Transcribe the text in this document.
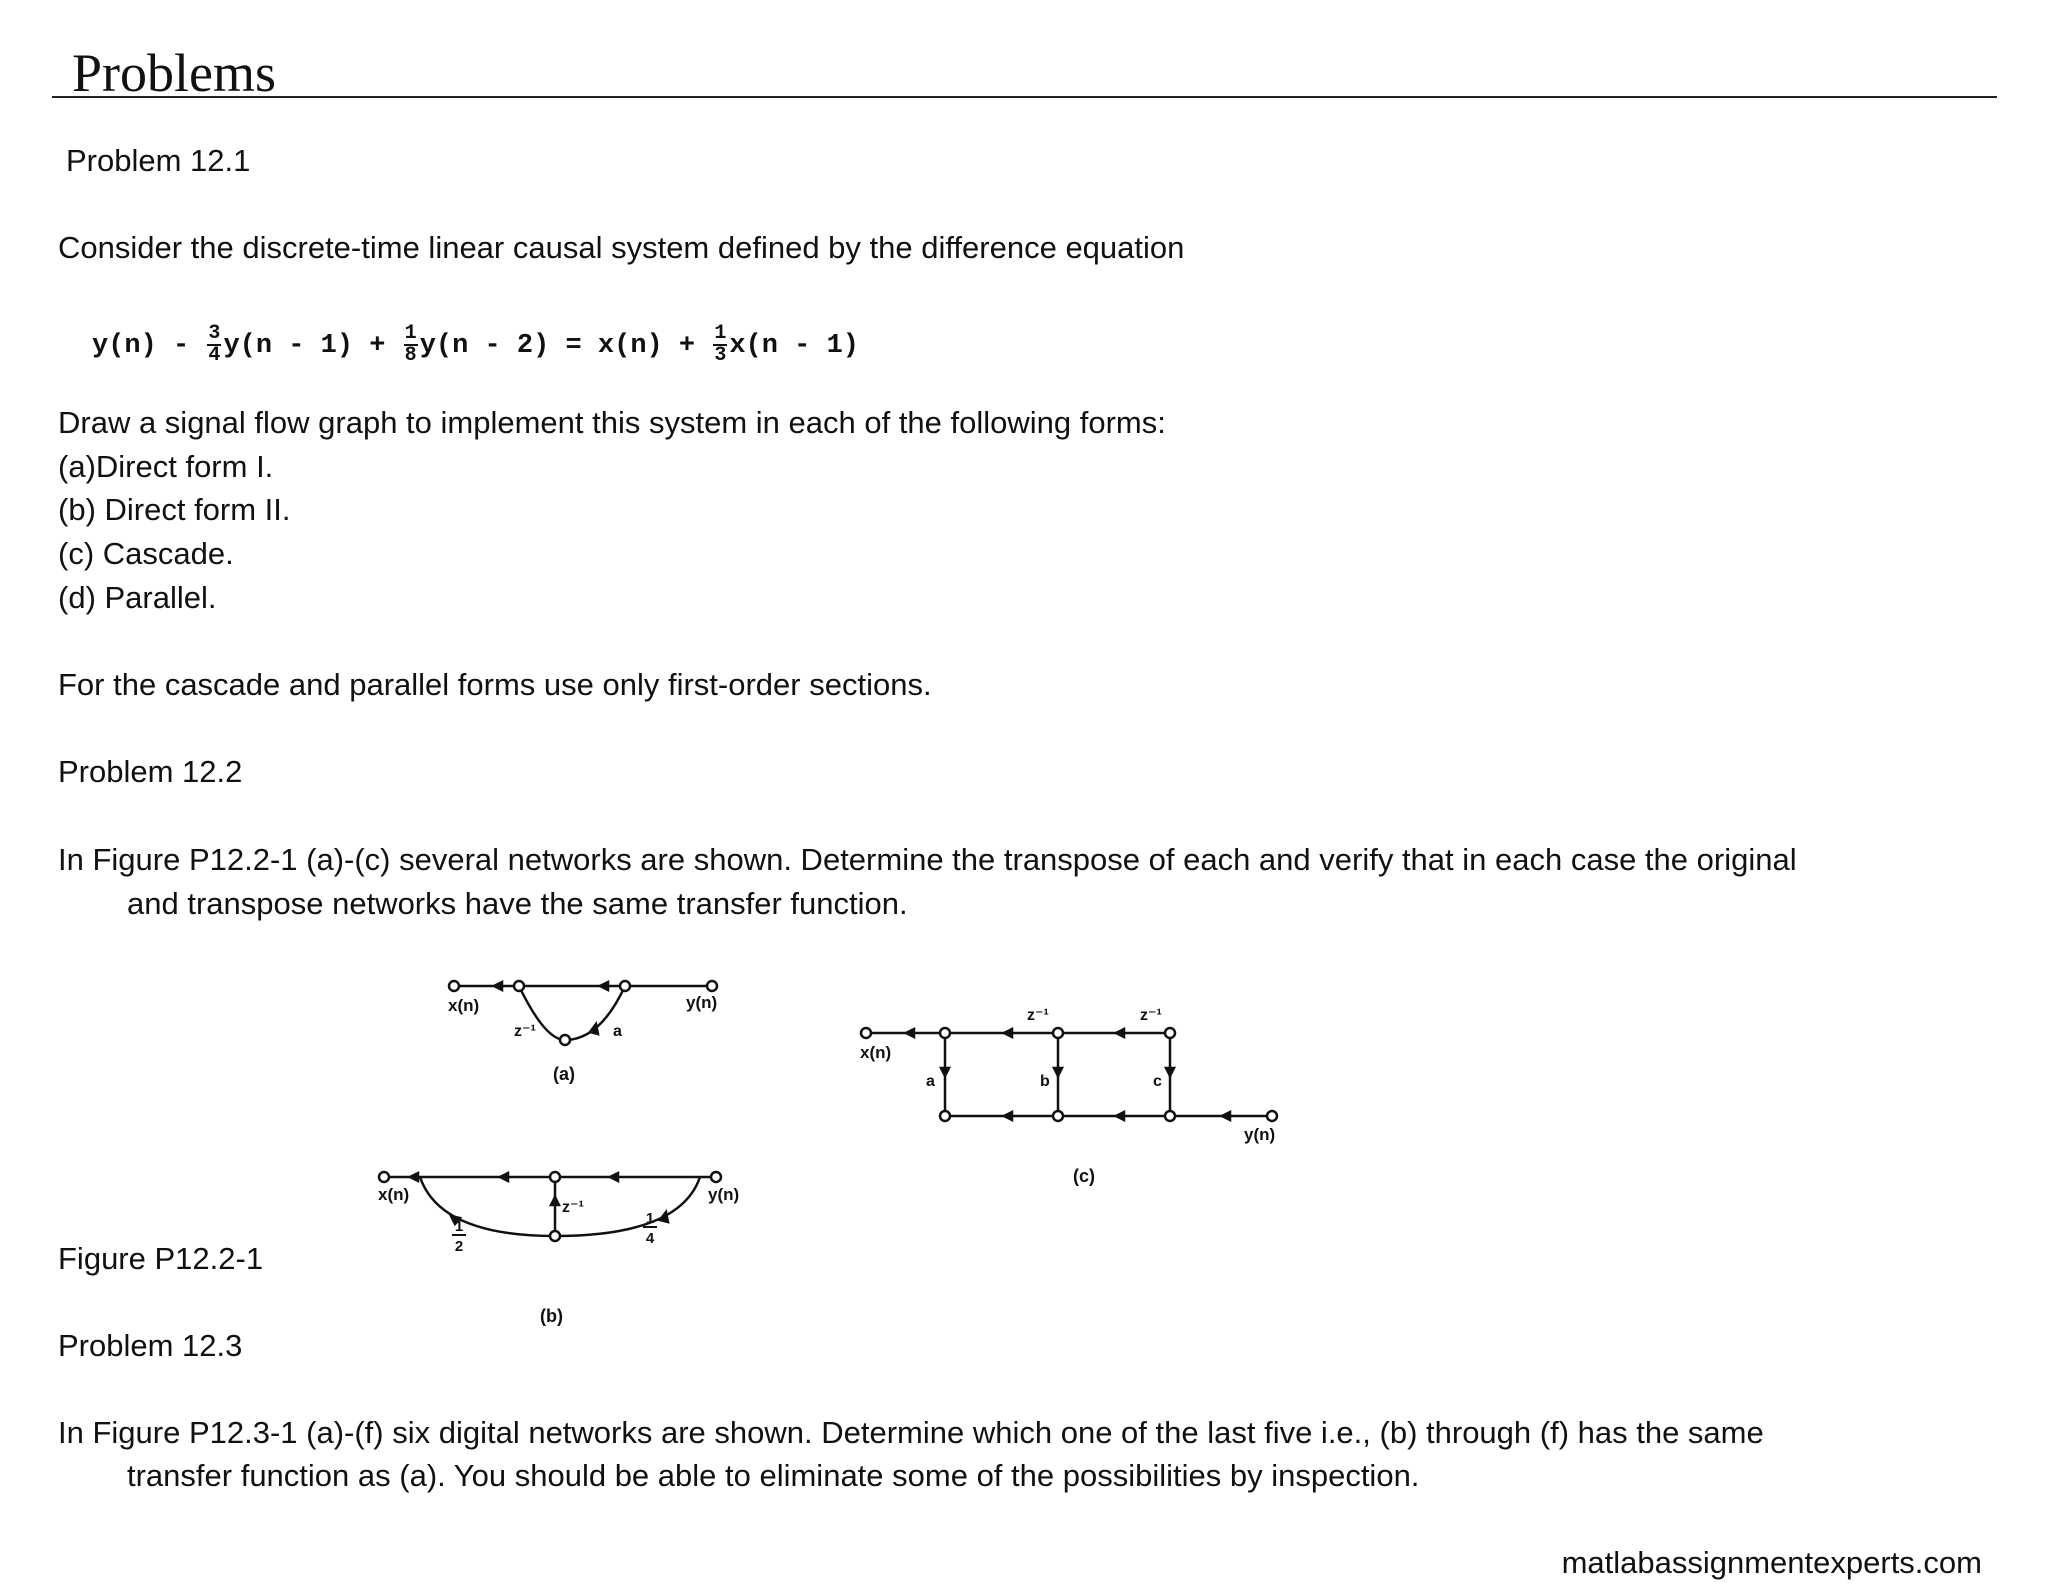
Problems
Problem 12.1
Consider the discrete-time linear causal system defined by the difference equation
$y(n) - \frac{3}{4} y(n - 1) + \frac{1}{8} y(n - 2) = x(n) + \frac{1}{3} x(n - 1)$
Draw a signal flow graph to implement this system in each of the following forms:
(a)Direct form I.
(b) Direct form II.
(c) Cascade.
(d) Parallel.
For the cascade and parallel forms use only first-order sections.
Problem 12.2
In Figure P12.2-1 (a)-(c) several networks are shown. Determine the transpose of each and verify that in each case the original
and transpose networks have the same transfer function.
x(n)	y(n)
z⁻¹	a
(a)
x(n)	y(n)
z⁻¹
1
2
1
4
(b)
x(n)
y(n)
z⁻¹	z⁻¹
a	b	c
(c)
Figure P12.2-1
Problem 12.3
In Figure P12.3-1 (a)-(f) six digital networks are shown. Determine which one of the last five i.e., (b) through (f) has the same
transfer function as (a). You should be able to eliminate some of the possibilities by inspection.
matlabassignmentexperts.com
